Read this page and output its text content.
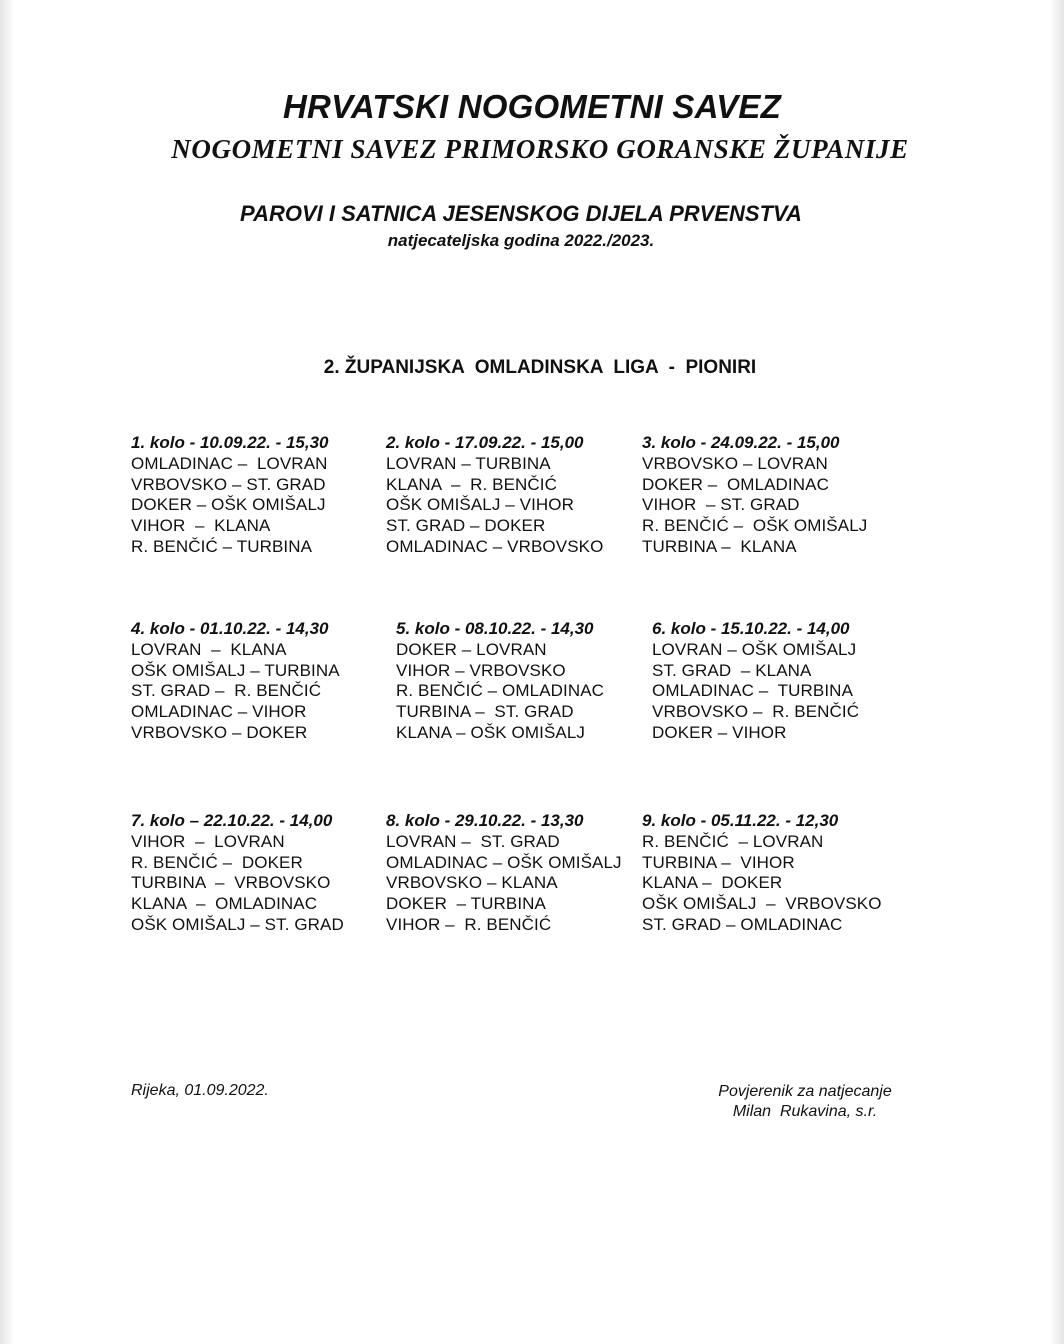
HRVATSKI NOGOMETNI SAVEZ
NOGOMETNI SAVEZ PRIMORSKO GORANSKE ŽUPANIJE
PAROVI I SATNICA JESENSKOG DIJELA PRVENSTVA
natjecateljska godina 2022./2023.
2. ŽUPANIJSKA  OMLADINSKA  LIGA  -  PIONIRI
1. kolo - 10.09.22. - 15,30
OMLADINAC –  LOVRAN
VRBOVSKO – ST. GRAD
DOKER – OŠK OMIŠALJ
VIHOR  –  KLANA
R. BENČIĆ – TURBINA
2. kolo - 17.09.22. - 15,00
LOVRAN – TURBINA
KLANA  –  R. BENČIĆ
OŠK OMIŠALJ – VIHOR
ST. GRAD – DOKER
OMLADINAC – VRBOVSKO
3. kolo - 24.09.22. - 15,00
VRBOVSKO – LOVRAN
DOKER –  OMLADINAC
VIHOR  – ST. GRAD
R. BENČIĆ –  OŠK OMIŠALJ
TURBINA –  KLANA
4. kolo - 01.10.22. - 14,30
LOVRAN  –  KLANA
OŠK OMIŠALJ – TURBINA
ST. GRAD –  R. BENČIĆ
OMLADINAC – VIHOR
VRBOVSKO – DOKER
5. kolo - 08.10.22. - 14,30
DOKER – LOVRAN
VIHOR – VRBOVSKO
R. BENČIĆ – OMLADINAC
TURBINA –  ST. GRAD
KLANA – OŠK OMIŠALJ
6. kolo - 15.10.22. - 14,00
LOVRAN – OŠK OMIŠALJ
ST. GRAD  – KLANA
OMLADINAC –  TURBINA
VRBOVSKO –  R. BENČIĆ
DOKER – VIHOR
7. kolo – 22.10.22. - 14,00
VIHOR  –  LOVRAN
R. BENČIĆ –  DOKER
TURBINA  –  VRBOVSKO
KLANA  –  OMLADINAC
OŠK OMIŠALJ – ST. GRAD
8. kolo - 29.10.22. - 13,30
LOVRAN –  ST. GRAD
OMLADINAC – OŠK OMIŠALJ
VRBOVSKO – KLANA
DOKER  – TURBINA
VIHOR –  R. BENČIĆ
9. kolo - 05.11.22. - 12,30
R. BENČIĆ  – LOVRAN
TURBINA –  VIHOR
KLANA –  DOKER
OŠK OMIŠALJ  –  VRBOVSKO
ST. GRAD – OMLADINAC
Rijeka, 01.09.2022.	Povjerenik za natjecanje
Milan  Rukavina, s.r.
